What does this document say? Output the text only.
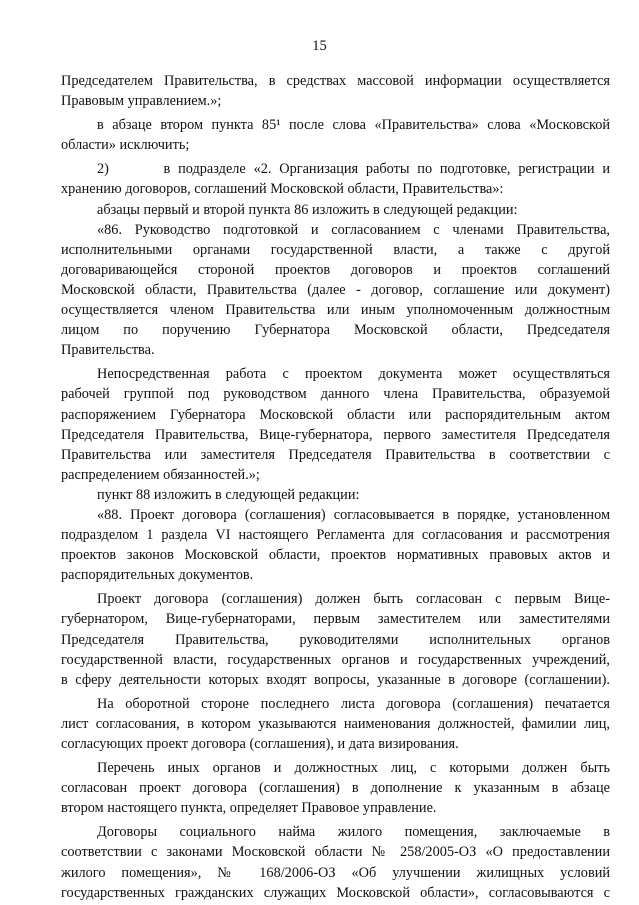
15
Председателем Правительства, в средствах массовой информации осуществляется
Правовым управлением.»;
в абзаце втором пункта 85¹ после слова «Правительства» слова «Московской
области» исключить;
2)       в подразделе «2. Организация работы по подготовке, регистрации и
хранению договоров, соглашений Московской области, Правительства»:
абзацы первый и второй пункта 86 изложить в следующей редакции:
«86. Руководство подготовкой и согласованием с членами Правительства,
исполнительными органами государственной власти, а также с другой
договаривающейся стороной проектов договоров и проектов соглашений
Московской области, Правительства (далее - договор, соглашение или документ)
осуществляется членом Правительства или иным уполномоченным должностным
лицом по поручению Губернатора Московской области, Председателя
Правительства.
Непосредственная работа с проектом документа может осуществляться
рабочей группой под руководством данного члена Правительства, образуемой
распоряжением Губернатора Московской области или распорядительным актом
Председателя Правительства, Вице-губернатора, первого заместителя Председателя
Правительства или заместителя Председателя Правительства в соответствии с
распределением обязанностей.»;
пункт 88 изложить в следующей редакции:
«88. Проект договора (соглашения) согласовывается в порядке, установленном
подразделом 1 раздела VI настоящего Регламента для согласования и рассмотрения
проектов законов Московской области, проектов нормативных правовых актов и
распорядительных документов.
Проект договора (соглашения) должен быть согласован с первым Вице-
губернатором, Вице-губернаторами, первым заместителем или заместителями
Председателя Правительства, руководителями исполнительных органов
государственной власти, государственных органов и государственных учреждений,
в сферу деятельности которых входят вопросы, указанные в договоре (соглашении).
На оборотной стороне последнего листа договора (соглашения) печатается
лист согласования, в котором указываются наименования должностей, фамилии лиц,
согласующих проект договора (соглашения), и дата визирования.
Перечень иных органов и должностных лиц, с которыми должен быть
согласован проект договора (соглашения) в дополнение к указанным в абзаце
втором настоящего пункта, определяет Правовое управление.
Договоры социального найма жилого помещения, заключаемые в
соответствии с законами Московской области № 258/2005-ОЗ «О предоставлении
жилого помещения», № 168/2006-ОЗ «Об улучшении жилищных условий
государственных гражданских служащих Московской области», согласовываются с
